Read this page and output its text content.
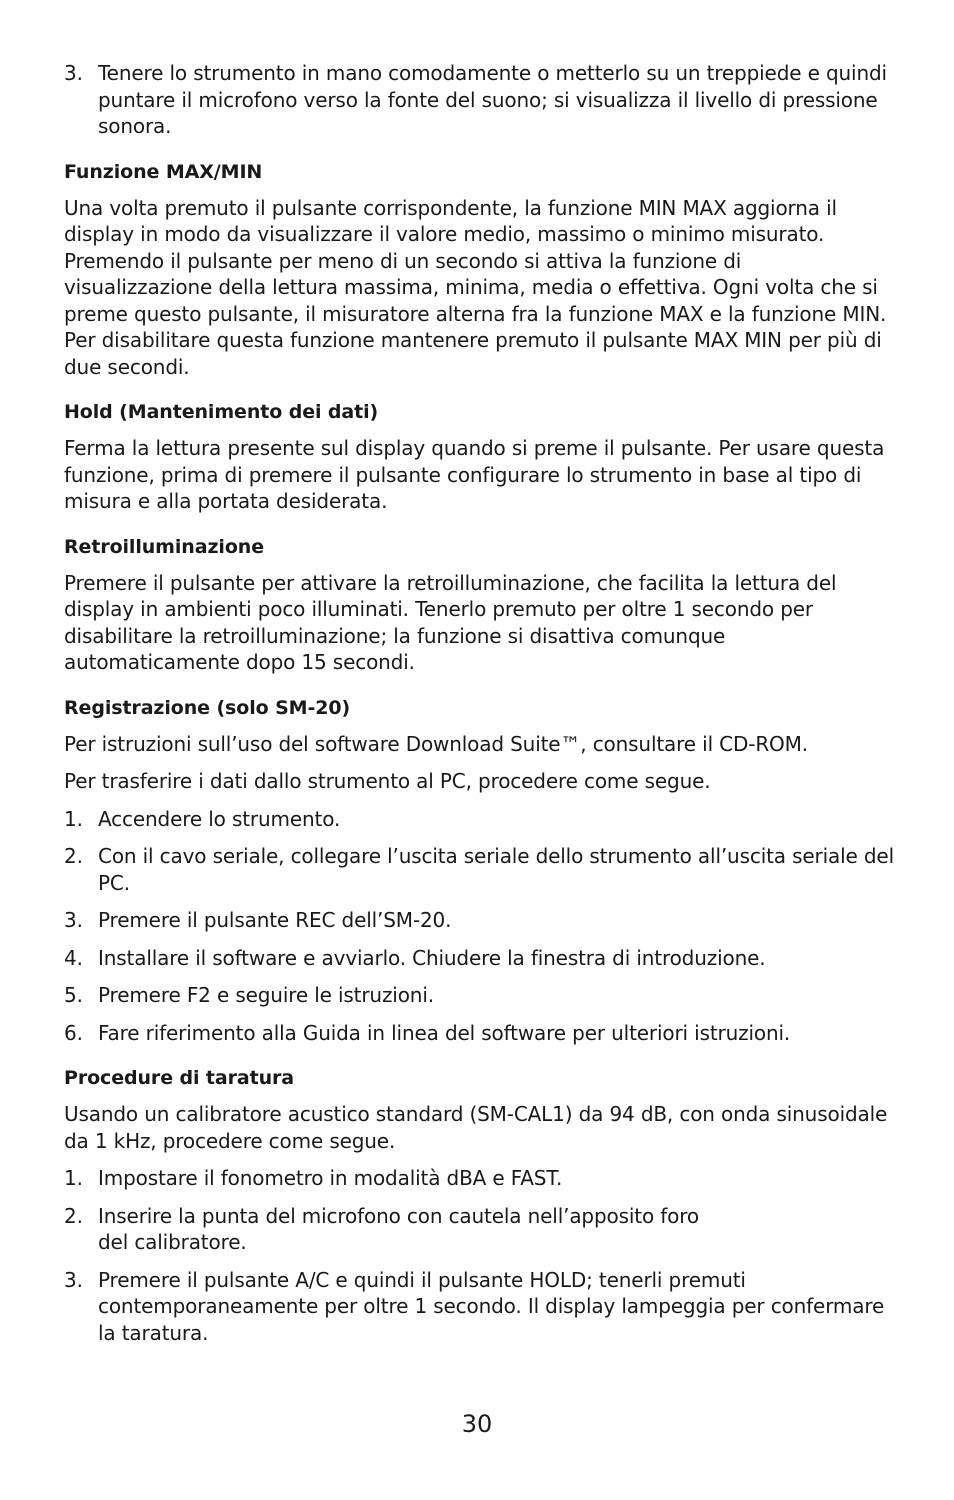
3. Tenere lo strumento in mano comodamente o metterlo su un treppiede e quindi puntare il microfono verso la fonte del suono; si visualizza il livello di pressione sonora.
Funzione MAX/MIN

Una volta premuto il pulsante corrispondente, la funzione MIN MAX aggiorna il display in modo da visualizzare il valore medio, massimo o minimo misurato. Premendo il pulsante per meno di un secondo si attiva la funzione di visualizzazione della lettura massima, minima, media o effettiva. Ogni volta che si preme questo pulsante, il misuratore alterna fra la funzione MAX e la funzione MIN. Per disabilitare questa funzione mantenere premuto il pulsante MAX MIN per più di due secondi.

Hold (Mantenimento dei dati)

Ferma la lettura presente sul display quando si preme il pulsante. Per usare questa funzione, prima di premere il pulsante configurare lo strumento in base al tipo di misura e alla portata desiderata.

Retroilluminazione

Premere il pulsante per attivare la retroilluminazione, che facilita la lettura del display in ambienti poco illuminati. Tenerlo premuto per oltre 1 secondo per disabilitare la retroilluminazione; la funzione si disattiva comunque automaticamente dopo 15 secondi.

Registrazione (solo SM-20)

Per istruzioni sull’uso del software Download Suite™, consultare il CD-ROM.

Per trasferire i dati dallo strumento al PC, procedere come segue.

1. Accendere lo strumento.
2. Con il cavo seriale, collegare l’uscita seriale dello strumento all’uscita seriale del PC.
3. Premere il pulsante REC dell’SM-20.
4. Installare il software e avviarlo. Chiudere la finestra di introduzione.
5. Premere F2 e seguire le istruzioni.
6. Fare riferimento alla Guida in linea del software per ulteriori istruzioni.
Procedure di taratura

Usando un calibratore acustico standard (SM-CAL1) da 94 dB, con onda sinusoidale da 1 kHz, procedere come segue.

1. Impostare il fonometro in modalità dBA e FAST.
2. Inserire la punta del microfono con cautela nell’apposito foro
del calibratore.
3. Premere il pulsante A/C e quindi il pulsante HOLD; tenerli premuti contemporaneamente per oltre 1 secondo. Il display lampeggia per confermare la taratura.
30
